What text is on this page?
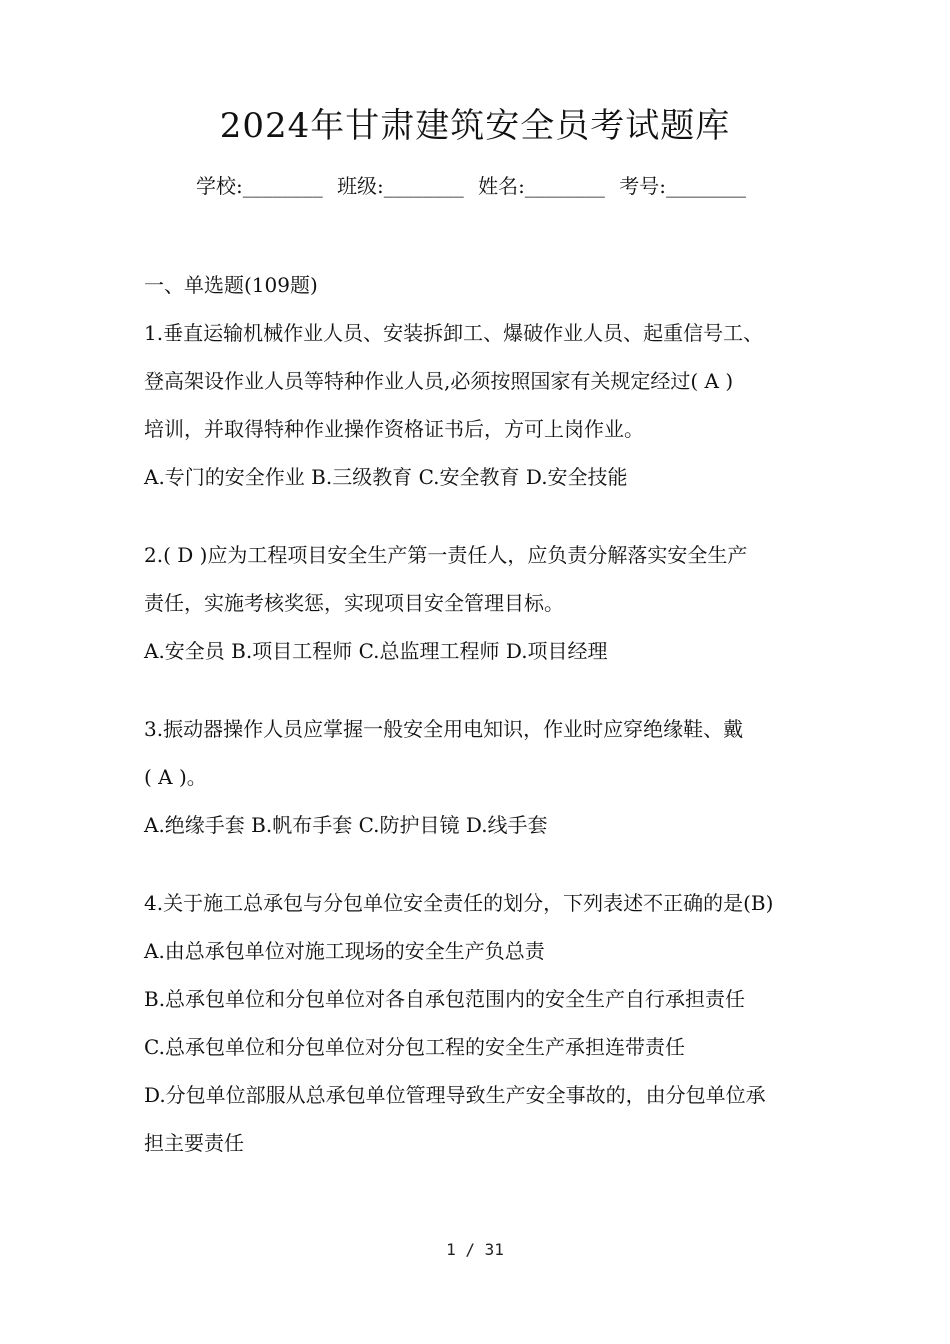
2024年甘肃建筑安全员考试题库
学校:________ 班级:________ 姓名:________ 考号:________
一、单选题(109题)
1.垂直运输机械作业人员、安装拆卸工、爆破作业人员、起重信号工、
登高架设作业人员等特种作业人员,必须按照国家有关规定经过( A )
培训，并取得特种作业操作资格证书后，方可上岗作业。
A.专门的安全作业 B.三级教育 C.安全教育 D.安全技能
2.( D )应为工程项目安全生产第一责任人，应负责分解落实安全生产
责任，实施考核奖惩，实现项目安全管理目标。
A.安全员 B.项目工程师 C.总监理工程师 D.项目经理
3.振动器操作人员应掌握一般安全用电知识，作业时应穿绝缘鞋、戴
( A )。
A.绝缘手套 B.帆布手套 C.防护目镜 D.线手套
4.关于施工总承包与分包单位安全责任的划分，下列表述不正确的是(B)
A.由总承包单位对施工现场的安全生产负总责
B.总承包单位和分包单位对各自承包范围内的安全生产自行承担责任
C.总承包单位和分包单位对分包工程的安全生产承担连带责任
D.分包单位部服从总承包单位管理导致生产安全事故的，由分包单位承
担主要责任
1 / 31
